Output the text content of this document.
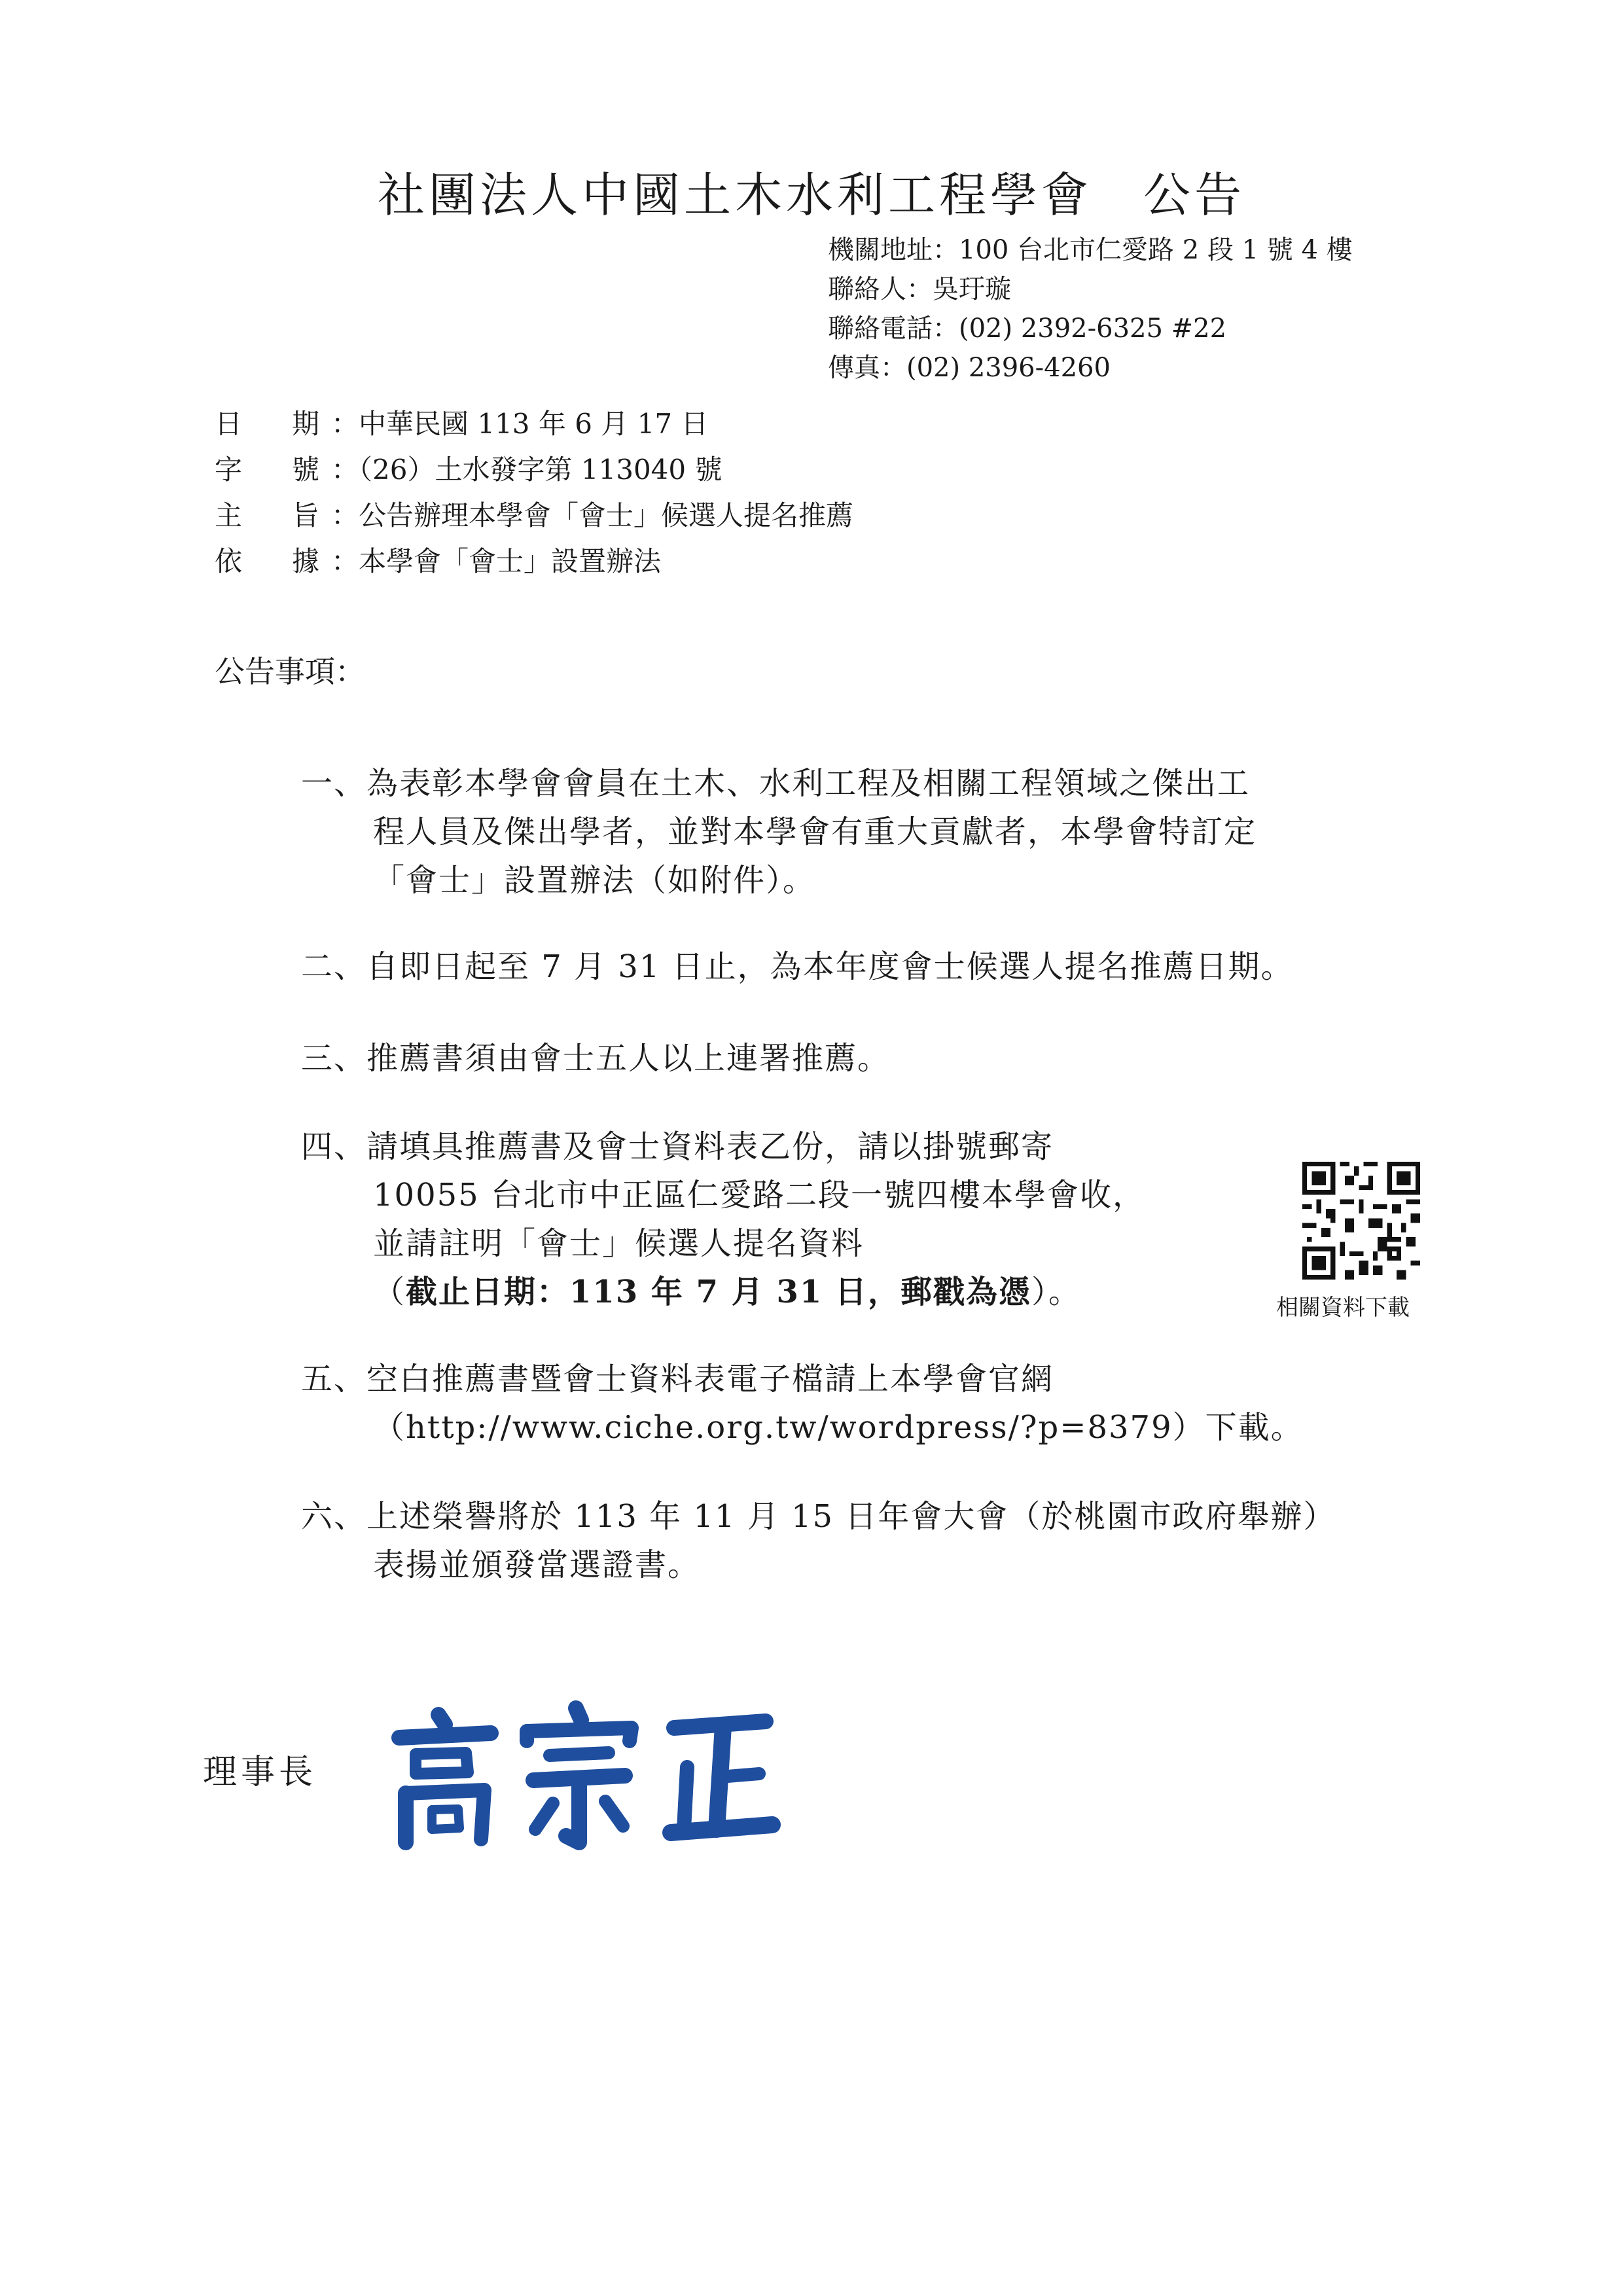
社團法人中國土木水利工程學會　公告
機關地址：100 台北市仁愛路 2 段 1 號 4 樓
聯絡人：吳玗璇
聯絡電話：(02) 2392-6325 #22
傳真：(02) 2396-4260
日 期 ：中華民國 113 年 6 月 17 日
字 號 ：（26）土水發字第 113040 號
主 旨 ：公告辦理本學會「會士」候選人提名推薦
依 據 ：本學會「會士」設置辦法
公告事項：
一、為表彰本學會會員在土木、水利工程及相關工程領域之傑出工
程人員及傑出學者，並對本學會有重大貢獻者，本學會特訂定
「會士」設置辦法（如附件）。
二、自即日起至 7 月 31 日止，為本年度會士候選人提名推薦日期。
三、推薦書須由會士五人以上連署推薦。
四、請填具推薦書及會士資料表乙份，請以掛號郵寄
10055 台北市中正區仁愛路二段一號四樓本學會收，
並請註明「會士」候選人提名資料
（截止日期：113 年 7 月 31 日，郵戳為憑）。
五、空白推薦書暨會士資料表電子檔請上本學會官網
（http://www.ciche.org.tw/wordpress/?p=8379）下載。
六、上述榮譽將於 113 年 11 月 15 日年會大會（於桃園市政府舉辦）
表揚並頒發當選證書。
相關資料下載
理事長
